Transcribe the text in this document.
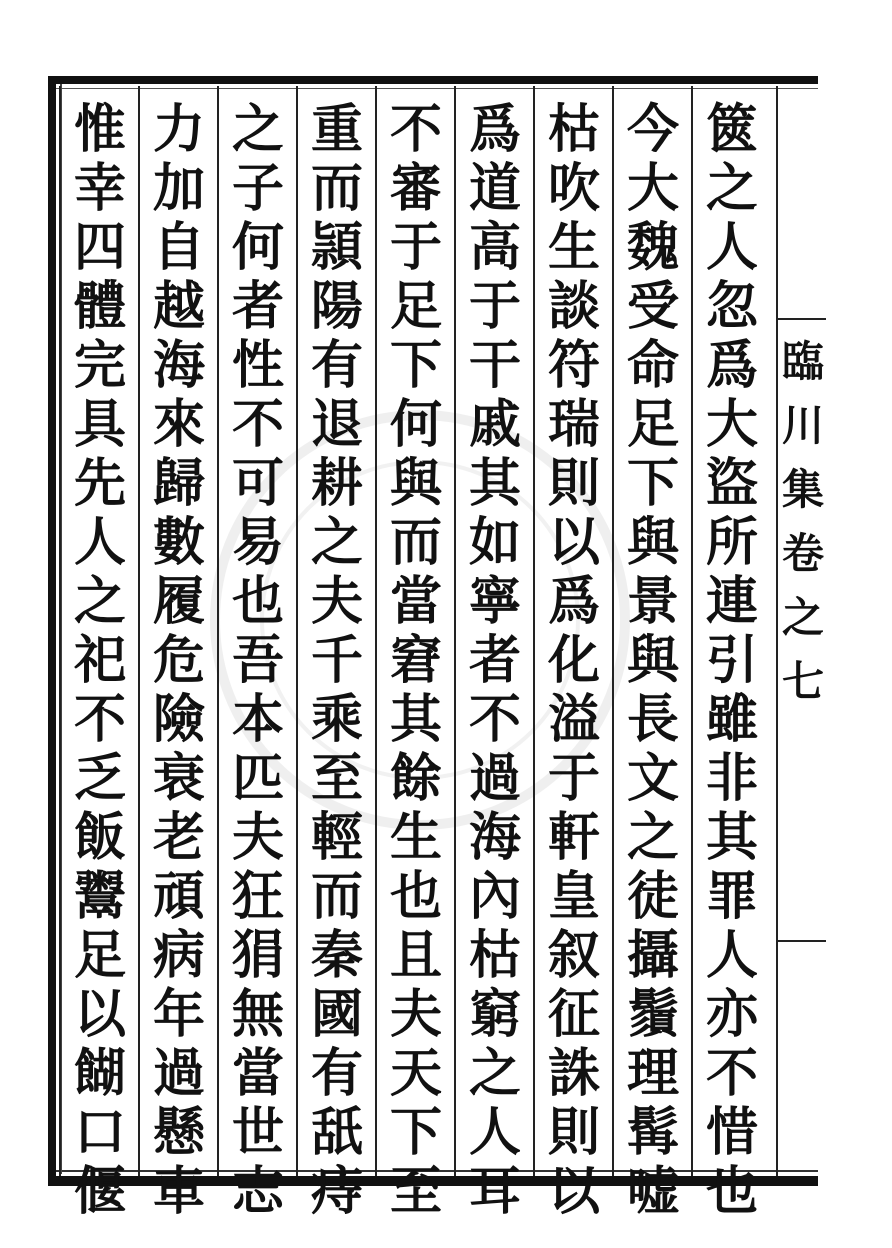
臨
川
集
卷
之
七
篋
之
人
忽
爲
大
盜
所
連
引
雖
非
其
罪
人
亦
不
惜
也
今
大
魏
受
命
足
下
與
景
與
長
文
之
徒
攝
鬚
理
髯
嘘
枯
吹
生
談
符
瑞
則
以
爲
化
溢
于
軒
皇
叙
征
誅
則
以
爲
道
高
于
干
戚
其
如
寧
者
不
過
海
內
枯
窮
之
人
耳
不
審
于
足
下
何
與
而
當
窘
其
餘
生
也
且
夫
天
下
至
重
而
頴
陽
有
退
耕
之
夫
千
乘
至
輕
而
秦
國
有
舐
痔
之
子
何
者
性
不
可
易
也
吾
本
匹
夫
狂
狷
無
當
世
志
力
加
自
越
海
來
歸
數
履
危
險
衰
老
頑
病
年
過
懸
車
惟
幸
四
體
完
具
先
人
之
祀
不
乏
飯
鬻
足
以
餬
口
偃
